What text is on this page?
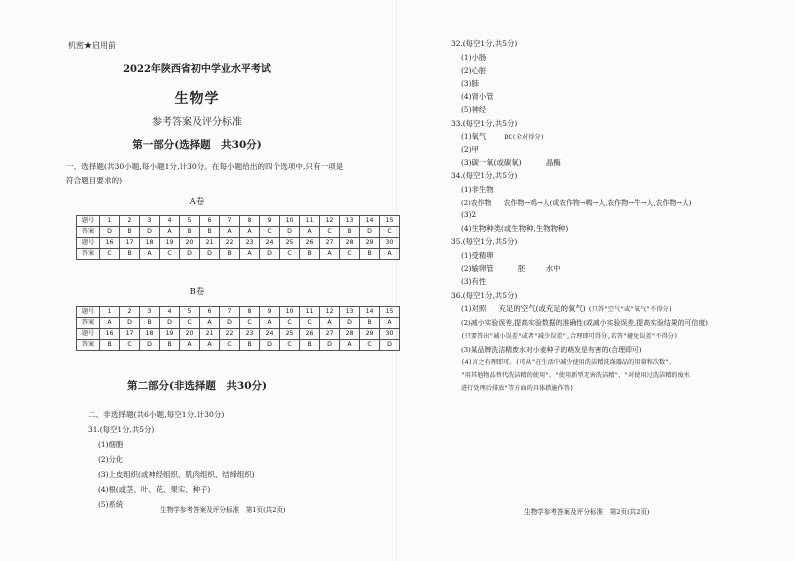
机密★启用前
2022年陕西省初中学业水平考试
生物学
参考答案及评分标准
第一部分(选择题　共30分)
一、选择题(共30小题,每小题1分,计30分。在每小题给出的四个选项中,只有一项是
符合题目要求的)
A卷
题号	1	2	3	4	5	6	7	8	9	10	11	12	13	14	15
答案	D	B	D	A	B	B	A	A	C	D	A	C	B	D	C
题号	16	17	18	19	20	21	22	23	24	25	26	27	28	29	30
答案	C	B	A	C	D	D	B	A	D	C	B	A	C	B	A
B卷
题号	1	2	3	4	5	6	7	8	9	10	11	12	13	14	15
答案	A	D	B	D	C	A	D	C	A	C	C	A	D	B	A
题号	16	17	18	19	20	21	22	23	24	25	26	27	28	29	30
答案	B	C	D	B	A	A	C	B	D	C	B	D	A	C	D
第二部分(非选择题　共30分)
二、非选择题(共6小题,每空1分,计30分)
31.(每空1分,共5分)
(1)细胞
(2)分化
(3)上皮组织(或神经组织、肌肉组织、结缔组织)
(4)根(或茎、叶、花、果实、种子)
(5)系统
生物学参考答案及评分标准　第1页(共2页)
32.(每空1分,共5分)
(1)小肠
(2)心脏
(3)肺
(4)肾小管
(5)神经
33.(每空1分,共5分)
(1)氧气	DC(全对得分)
(2)甲
(3)碳一氧(或碳氧)	晶酶
34.(每空1分,共5分)
(1)非生物
(2)农作物 农作物→鸡→人(或农作物→鸭→人,农作物→牛→人,农作物→人)
(3)2
(4)生物种类(或生物种,生物物种)
35.(每空1分,共5分)
(1)受精卵
(2)输卵管	胚	水中
(3)有性
36.(每空1分,共5分)
(1)对照 充足的空气(或充足的氧气) (只答"空气"或"氧气"不得分)
(2)减小实验误差,提高实验数据的准确性(或减小实验误差,提高实验结果的可信度)
(只要答出"减小误差"或者"减少误差",合理即可得分,若答"避免误差"不得分)
(3)某品牌洗洁精废水对小麦种子的萌发是有害的(合理即可)
(4)言之有理即可。(可从"在生活中减少使用洗洁精洗涤器品的用量和次数"、
"用其他物品替代洗洁精的使用"、"使用新型无害洗洁精"、"对使用过洗洁精的废水
进行处理后排放"等方面的具体措施作答)
生物学参考答案及评分标准　第2页(共2页)
